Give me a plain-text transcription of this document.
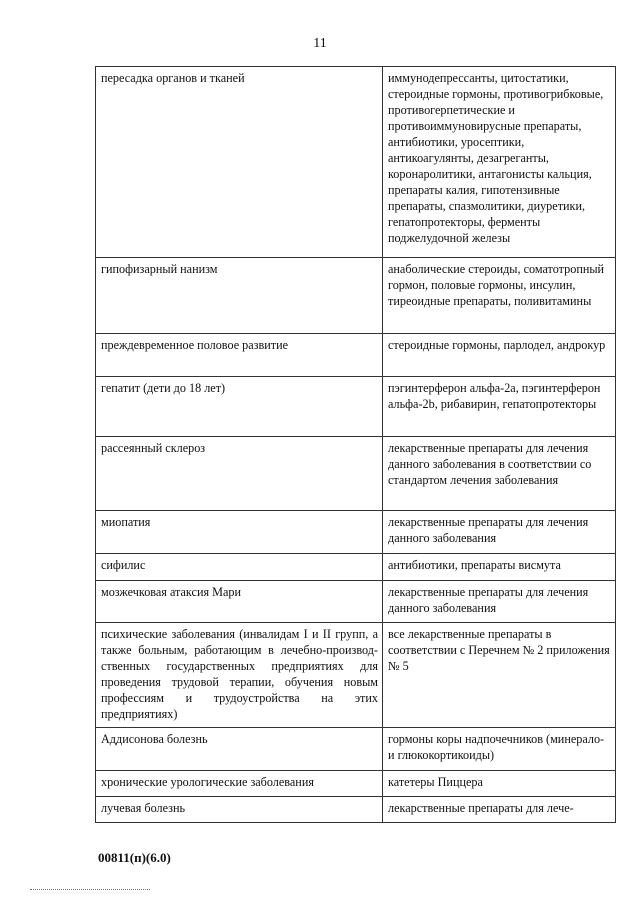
11
пересадка органов и тканей	иммунодепрессанты, цитостатики, стероидные гормоны, противогрибковые, противогерпетические и противоиммуновирусные препараты, антибиотики, уросептики, антикоагулянты, дезагреганты, коронаролитики, антагонисты кальция, препараты калия, гипотензивные препараты, спазмолитики, диуретики, гепатопротекторы, ферменты поджелудочной железы
гипофизарный нанизм	анаболические стероиды, соматотропный гормон, половые гормоны, инсулин, тиреоидные препараты, поливитамины
преждевременное половое развитие	стероидные гормоны, парлодел, андрокур
гепатит (дети до 18 лет)	пэгинтерферон альфа-2а, пэгинтерферон альфа-2b, рибавирин, гепатопротекторы
рассеянный склероз	лекарственные препараты для лечения данного заболевания в соответствии со стандартом лечения заболевания
миопатия	лекарственные препараты для лечения данного заболевания
сифилис	антибиотики, препараты висмута
мозжечковая атаксия Мари	лекарственные препараты для лечения данного заболевания
психические заболевания (инвалидам I и II групп, а также больным, работающим в лечебно-производ-ственных государственных предприятиях для проведения трудовой терапии, обучения новым профессиям и трудоустройства на этих предприятиях)	все лекарственные препараты в соответствии с Перечнем № 2 приложения № 5
Аддисонова болезнь	гормоны коры надпочечников (минерало- и глюкокортикоиды)
хронические урологические заболевания	катетеры Пиццера
лучевая болезнь	лекарственные препараты для лече-
00811(п)(6.0)
